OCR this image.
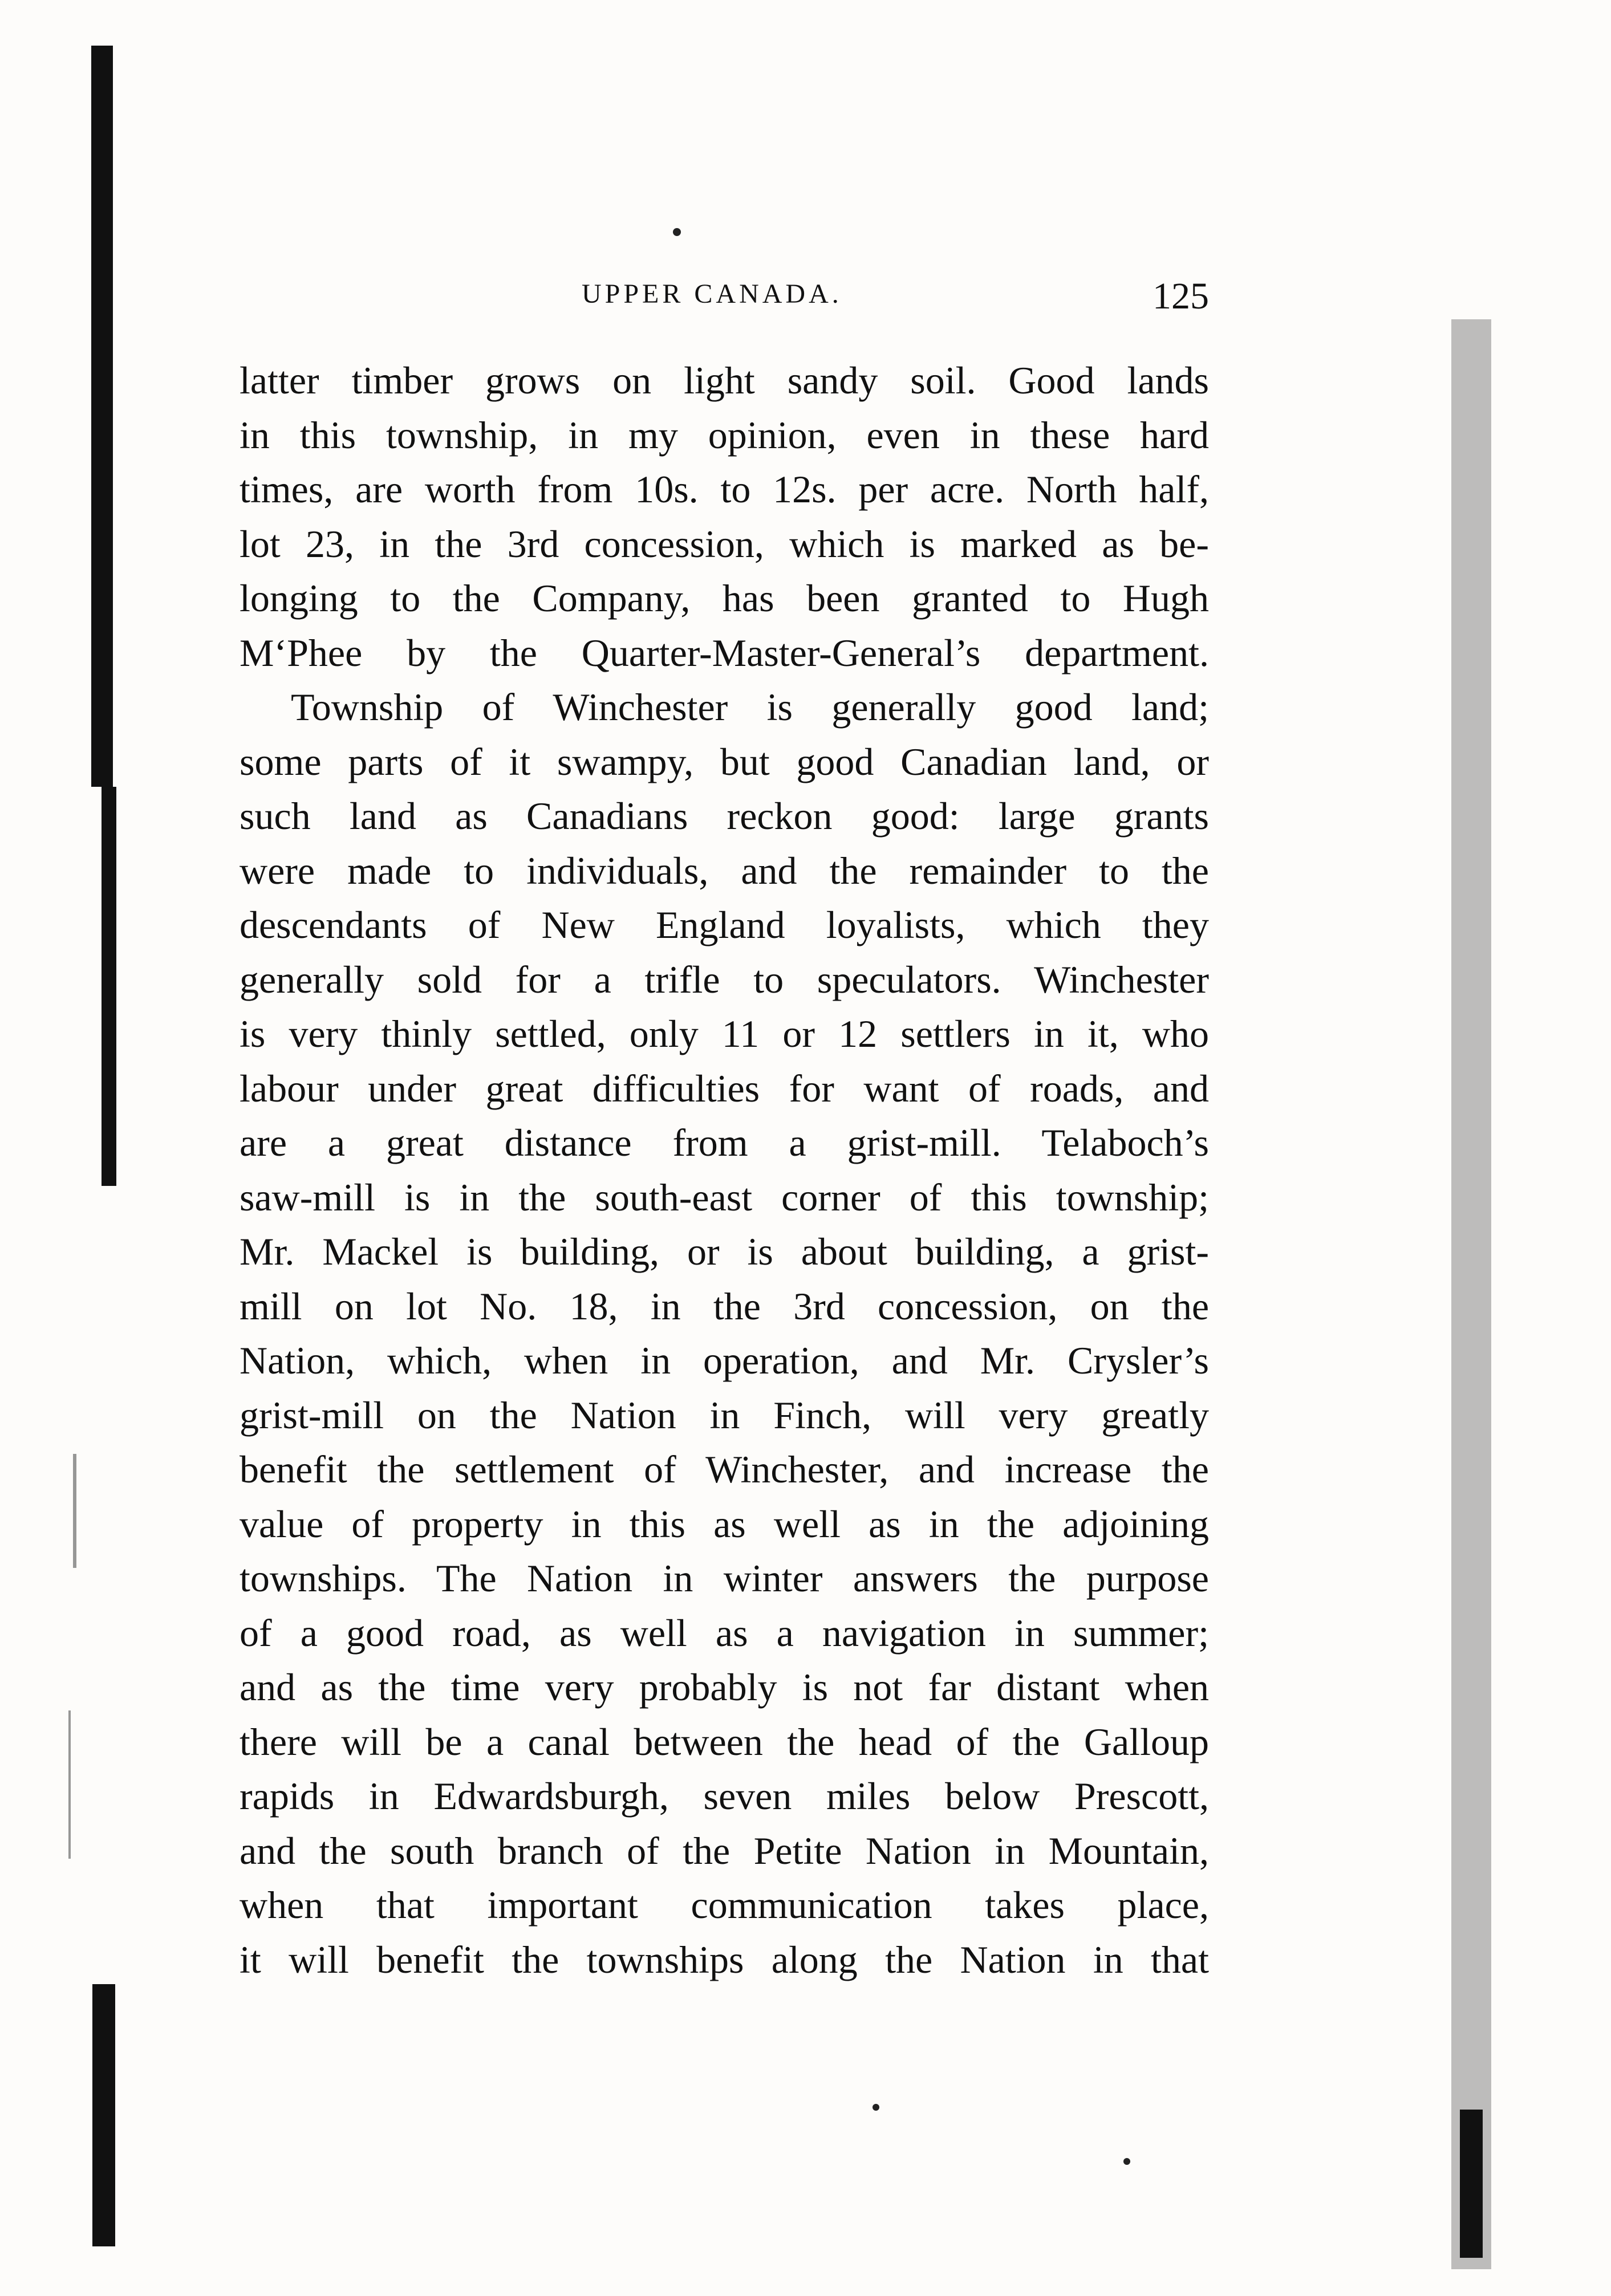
UPPER CANADA.	125
latter timber grows on light sandy soil. Good lands
in this township, in my opinion, even in these hard
times, are worth from 10s. to 12s. per acre. North half,
lot 23, in the 3rd concession, which is marked as be-
longing to the Company, has been granted to Hugh
M‘Phee by the Quarter-Master-General’s department.
Township of Winchester is generally good land;
some parts of it swampy, but good Canadian land, or
such land as Canadians reckon good: large grants
were made to individuals, and the remainder to the
descendants of New England loyalists, which they
generally sold for a trifle to speculators. Winchester
is very thinly settled, only 11 or 12 settlers in it, who
labour under great difficulties for want of roads, and
are a great distance from a grist-mill. Telaboch’s
saw-mill is in the south-east corner of this township;
Mr. Mackel is building, or is about building, a grist-
mill on lot No. 18, in the 3rd concession, on the
Nation, which, when in operation, and Mr. Crysler’s
grist-mill on the Nation in Finch, will very greatly
benefit the settlement of Winchester, and increase the
value of property in this as well as in the adjoining
townships. The Nation in winter answers the purpose
of a good road, as well as a navigation in summer;
and as the time very probably is not far distant when
there will be a canal between the head of the Galloup
rapids in Edwardsburgh, seven miles below Prescott,
and the south branch of the Petite Nation in Mountain,
when that important communication takes place,
it will benefit the townships along the Nation in that
